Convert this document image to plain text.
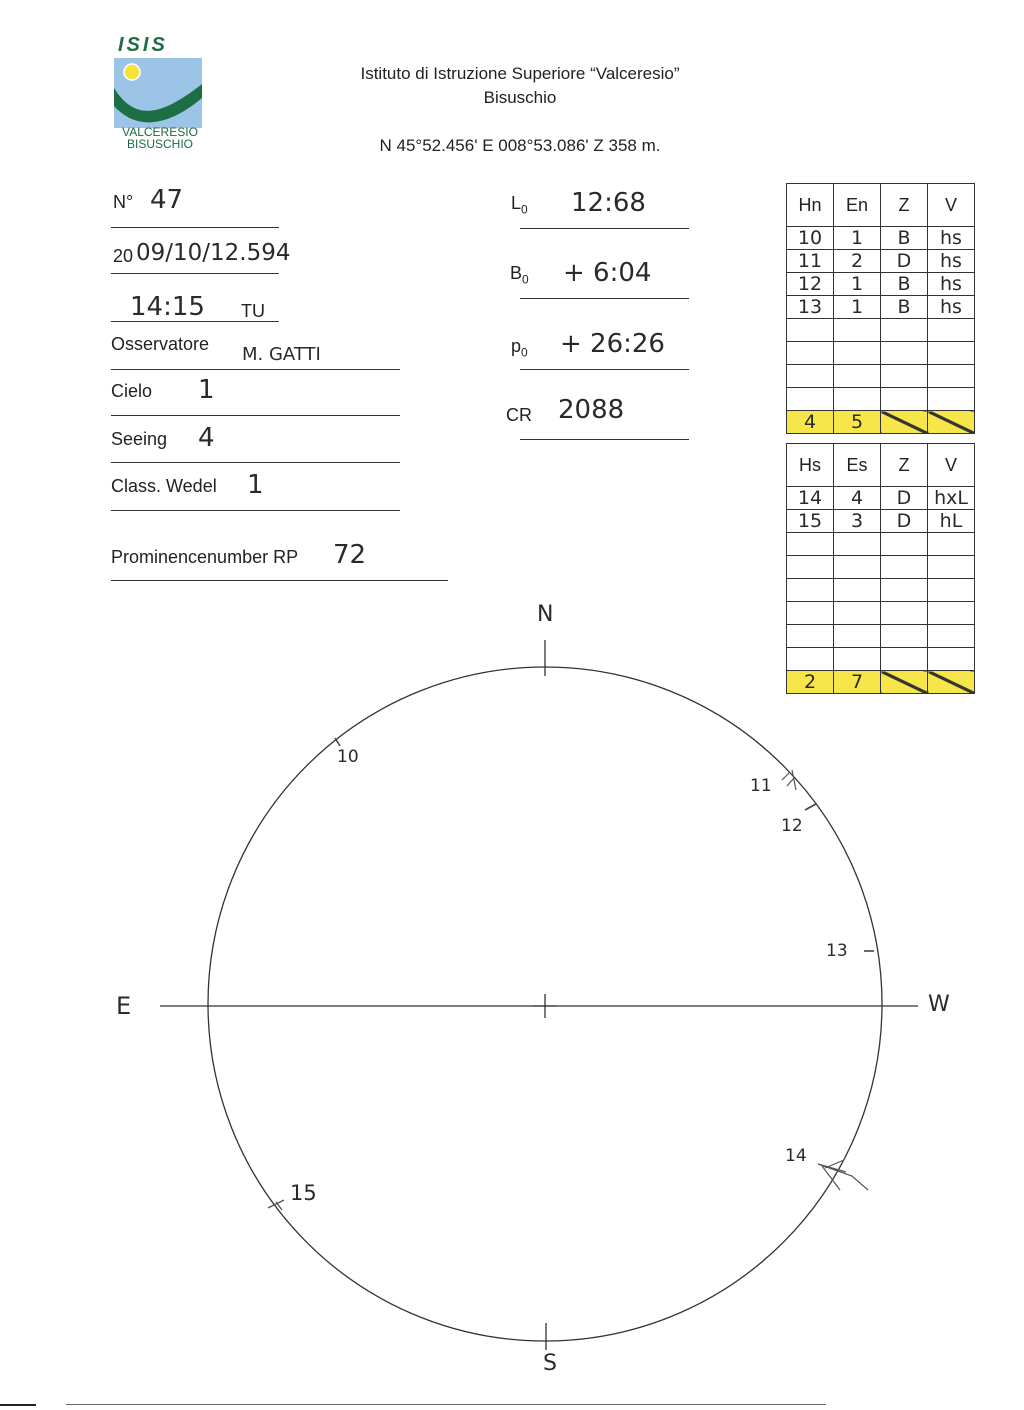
ISIS
VALCERESIO
BISUSCHIO
Istituto di Istruzione Superiore “Valceresio”
Bisuschio
N 45°52.456' E 008°53.086' Z 358 m.
N° 47
20 09/10/12.594
14:15 TU
Osservatore M. GATTI
Cielo 1
Seeing 4
Class. Wedel 1
Prominencenumber RP 72
$L_0$ 12:68
$B_0$ + 6:04
$p_0$ + 26:26
CR 2088
Hn	En	Z	V
10	1	B	hs
11	2	D	hs
12	1	B	hs
13	1	B	hs

4	5		
Hs	Es	Z	V
14	4	D	hxL
15	3	D	hL

2	7		
N
S
E	W
10
11
12
13
14
15
